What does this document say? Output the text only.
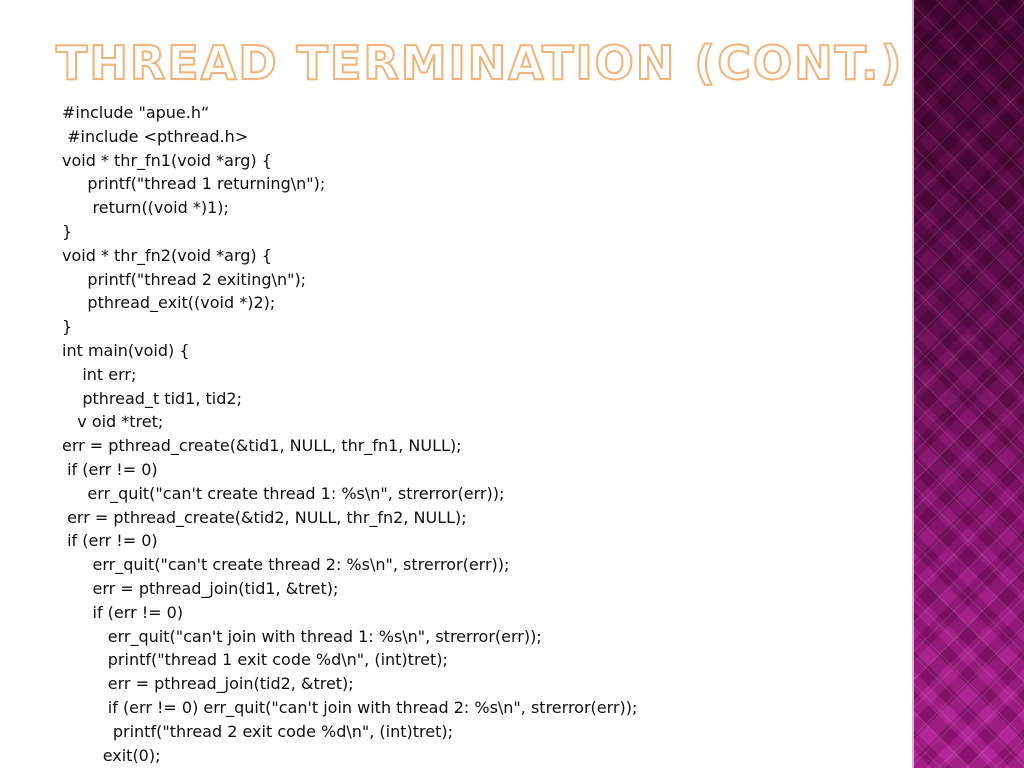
THREAD TERMINATION (CONT.)
#include "apue.h“
#include <pthread.h>
void * thr_fn1(void *arg) {
printf("thread 1 returning\n");
return((void *)1);
}
void * thr_fn2(void *arg) {
printf("thread 2 exiting\n");
pthread_exit((void *)2);
}
int main(void) {
int err;
pthread_t tid1, tid2;
v oid *tret;
err = pthread_create(&tid1, NULL, thr_fn1, NULL);
if (err != 0)
err_quit("can't create thread 1: %s\n", strerror(err));
err = pthread_create(&tid2, NULL, thr_fn2, NULL);
if (err != 0)
err_quit("can't create thread 2: %s\n", strerror(err));
err = pthread_join(tid1, &tret);
if (err != 0)
err_quit("can't join with thread 1: %s\n", strerror(err));
printf("thread 1 exit code %d\n", (int)tret);
err = pthread_join(tid2, &tret);
if (err != 0) err_quit("can't join with thread 2: %s\n", strerror(err));
printf("thread 2 exit code %d\n", (int)tret);
exit(0);
